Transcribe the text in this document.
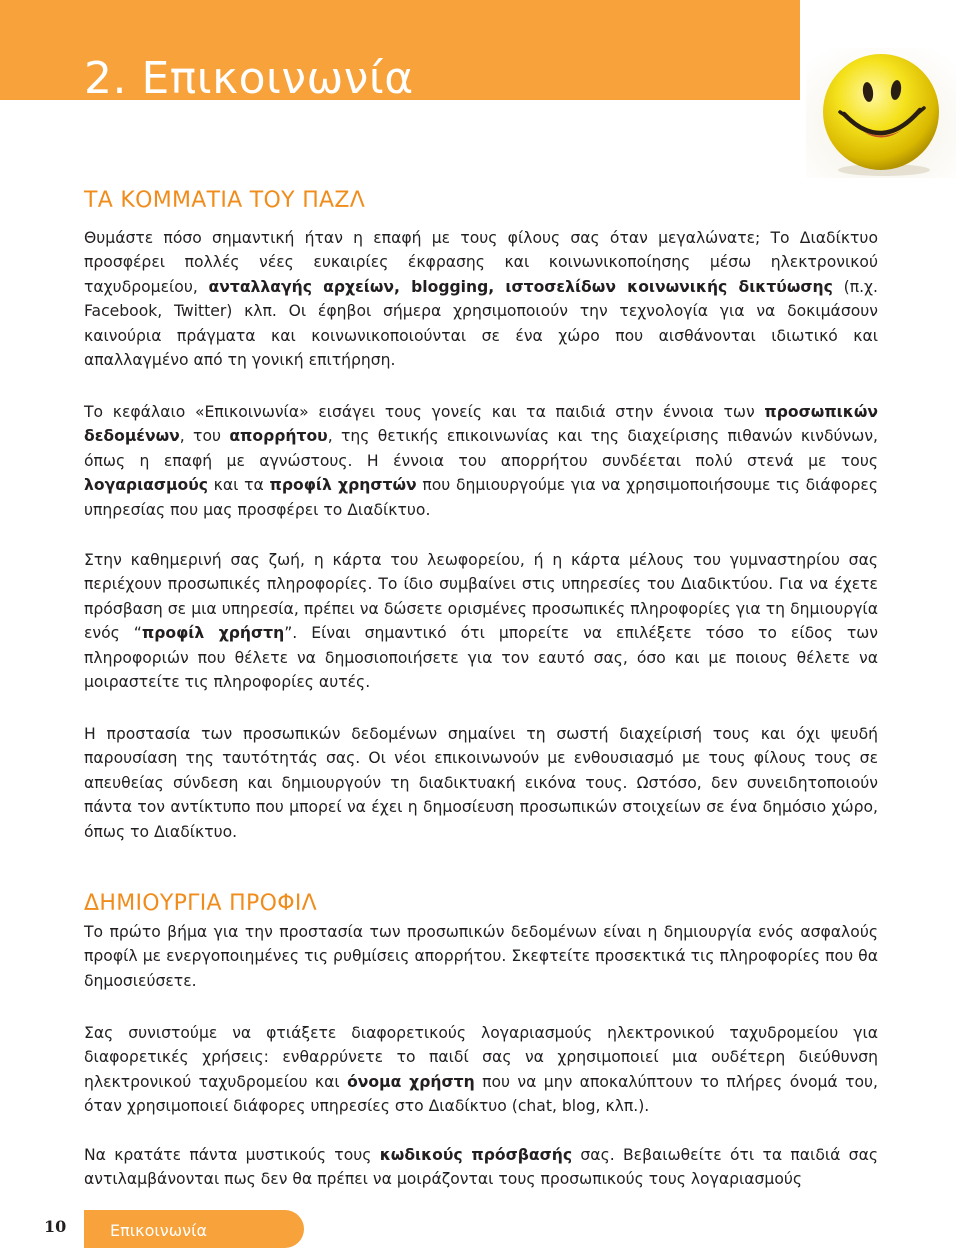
2. Επικοινωνία
ΤΑ ΚΟΜΜΑΤΙΑ ΤΟΥ ΠΑΖΛ

Θυμάστε πόσο σημαντική ήταν η επαφή με τους φίλους σας όταν μεγαλώνατε; Το Διαδίκτυο προσφέρει πολλές νέες ευκαιρίες έκφρασης και κοινωνικοποίησης μέσω ηλεκτρονικού ταχυδρομείου, ανταλλαγής αρχείων, blogging, ιστοσελίδων κοινωνικής δικτύωσης (π.χ. Facebook, Twitter) κλπ. Οι έφηβοι σήμερα χρησιμοποιούν την τεχνολογία για να δοκιμάσουν καινούρια πράγματα και κοινωνικοποιούνται σε ένα χώρο που αισθάνονται ιδιωτικό και απαλλαγμένο από τη γονική επιτήρηση.

Το κεφάλαιο «Επικοινωνία» εισάγει τους γονείς και τα παιδιά στην έννοια των προσωπικών δεδομένων, του απορρήτου, της θετικής επικοινωνίας και της διαχείρισης πιθανών κινδύνων, όπως η επαφή με αγνώστους. Η έννοια του απορρήτου συνδέεται πολύ στενά με τους λογαριασμούς και τα προφίλ χρηστών που δημιουργούμε για να χρησιμοποιήσουμε τις διάφορες υπηρεσίας που μας προσφέρει το Διαδίκτυο.

Στην καθημερινή σας ζωή, η κάρτα του λεωφορείου, ή η κάρτα μέλους του γυμναστηρίου σας περιέχουν προσωπικές πληροφορίες. Το ίδιο συμβαίνει στις υπηρεσίες του Διαδικτύου. Για να έχετε πρόσβαση σε μια υπηρεσία, πρέπει να δώσετε ορισμένες προσωπικές πληροφορίες για τη δημιουργία ενός “προφίλ χρήστη”. Είναι σημαντικό ότι μπορείτε να επιλέξετε τόσο το είδος των πληροφοριών που θέλετε να δημοσιοποιήσετε για τον εαυτό σας, όσο και με ποιους θέλετε να μοιραστείτε τις πληροφορίες αυτές.

Η προστασία των προσωπικών δεδομένων σημαίνει τη σωστή διαχείρισή τους και όχι ψευδή παρουσίαση της ταυτότητάς σας. Οι νέοι επικοινωνούν με ενθουσιασμό με τους φίλους τους σε απευθείας σύνδεση και δημιουργούν τη διαδικτυακή εικόνα τους. Ωστόσο, δεν συνειδητοποιούν πάντα τον αντίκτυπο που μπορεί να έχει η δημοσίευση προσωπικών στοιχείων σε ένα δημόσιο χώρο, όπως το Διαδίκτυο.

ΔΗΜΙΟΥΡΓΙΑ ΠΡΟΦΙΛ

Το πρώτο βήμα για την προστασία των προσωπικών δεδομένων είναι η δημιουργία ενός ασφαλούς προφίλ με ενεργοποιημένες τις ρυθμίσεις απορρήτου. Σκεφτείτε προσεκτικά τις πληροφορίες που θα δημοσιεύσετε.

Σας συνιστούμε να φτιάξετε διαφορετικούς λογαριασμούς ηλεκτρονικού ταχυδρομείου για διαφορετικές χρήσεις: ενθαρρύνετε το παιδί σας να χρησιμοποιεί μια ουδέτερη διεύθυνση ηλεκτρονικού ταχυδρομείου και όνομα χρήστη που να μην αποκαλύπτουν το πλήρες όνομά του, όταν χρησιμοποιεί διάφορες υπηρεσίες στο Διαδίκτυο (chat, blog, κλπ.).

Να κρατάτε πάντα μυστικούς τους κωδικούς πρόσβασής σας. Βεβαιωθείτε ότι τα παιδιά σας αντιλαμβάνονται πως δεν θα πρέπει να μοιράζονται τους προσωπικούς τους λογαριασμούς

10	Επικοινωνία
